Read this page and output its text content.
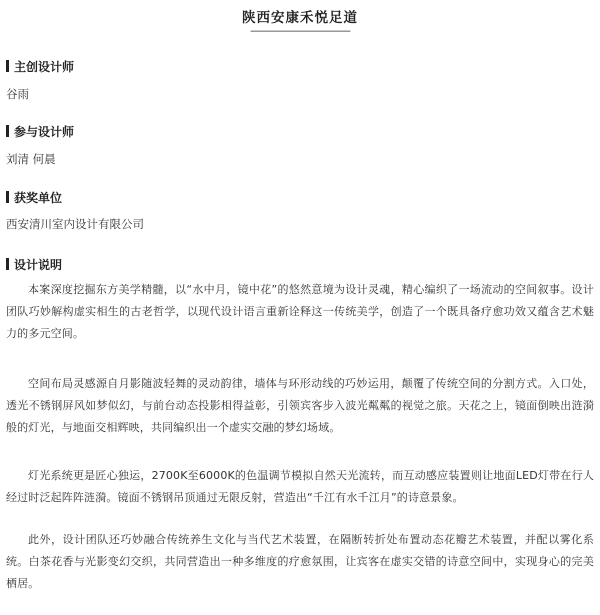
陕西安康禾悦足道
——————————
主创设计师
谷雨
参与设计师
刘清 何晨
获奖单位
西安清川室内设计有限公司
设计说明

本案深度挖掘东方美学精髓，以“水中月，镜中花”的悠然意境为设计灵魂，精心编织了一场流动的空间叙事。设计团队巧妙解构虚实相生的古老哲学，以现代设计语言重新诠释这一传统美学，创造了一个既具备疗愈功效又蕴含艺术魅力的多元空间。

空间布局灵感源自月影随波轻舞的灵动韵律，墙体与环形动线的巧妙运用，颠覆了传统空间的分割方式。入口处，透光不锈钢屏风如梦似幻，与前台动态投影相得益彰，引领宾客步入波光粼粼的视觉之旅。天花之上，镜面倒映出涟漪般的灯光，与地面交相辉映，共同编织出一个虚实交融的梦幻场域。

灯光系统更是匠心独运，2700K至6000K的色温调节模拟自然天光流转，而互动感应装置则让地面LED灯带在行人经过时泛起阵阵涟漪。镜面不锈钢吊顶通过无限反射，营造出“千江有水千江月”的诗意景象。

此外，设计团队还巧妙融合传统养生文化与当代艺术装置，在隔断转折处布置动态花瓣艺术装置，并配以雾化系统。白茶花香与光影变幻交织，共同营造出一种多维度的疗愈氛围，让宾客在虚实交错的诗意空间中，实现身心的完美栖居。
